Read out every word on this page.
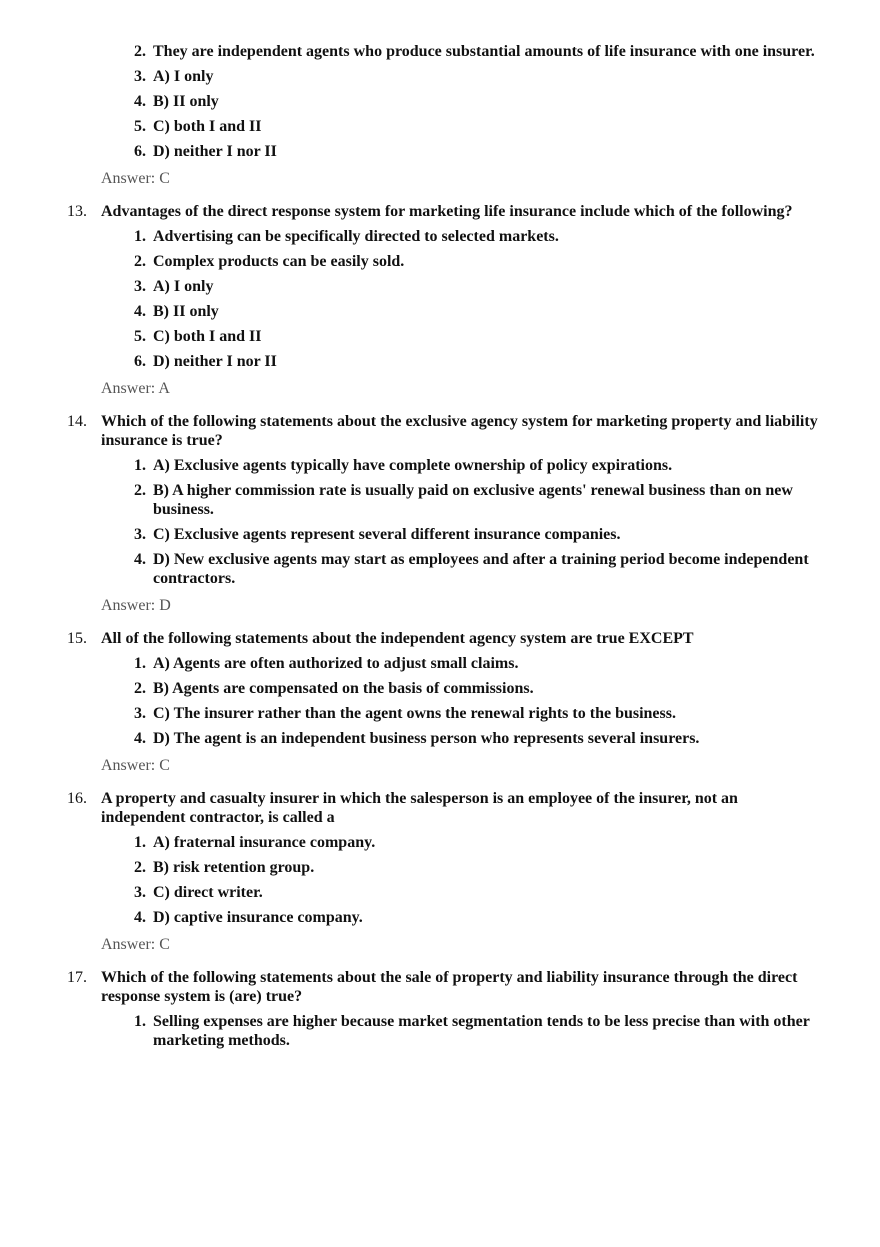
2. They are independent agents who produce substantial amounts of life insurance with one insurer.
3. A) I only
4. B) II only
5. C) both I and II
6. D) neither I nor II
Answer: C
13. Advantages of the direct response system for marketing life insurance include which of the following?
1. Advertising can be specifically directed to selected markets.
2. Complex products can be easily sold.
3. A) I only
4. B) II only
5. C) both I and II
6. D) neither I nor II
Answer: A
14. Which of the following statements about the exclusive agency system for marketing property and liability insurance is true?
1. A) Exclusive agents typically have complete ownership of policy expirations.
2. B) A higher commission rate is usually paid on exclusive agents' renewal business than on new business.
3. C) Exclusive agents represent several different insurance companies.
4. D) New exclusive agents may start as employees and after a training period become independent contractors.
Answer: D
15. All of the following statements about the independent agency system are true EXCEPT
1. A) Agents are often authorized to adjust small claims.
2. B) Agents are compensated on the basis of commissions.
3. C) The insurer rather than the agent owns the renewal rights to the business.
4. D) The agent is an independent business person who represents several insurers.
Answer: C
16. A property and casualty insurer in which the salesperson is an employee of the insurer, not an independent contractor, is called a
1. A) fraternal insurance company.
2. B) risk retention group.
3. C) direct writer.
4. D) captive insurance company.
Answer: C
17. Which of the following statements about the sale of property and liability insurance through the direct response system is (are) true?
1. Selling expenses are higher because market segmentation tends to be less precise than with other marketing methods.
